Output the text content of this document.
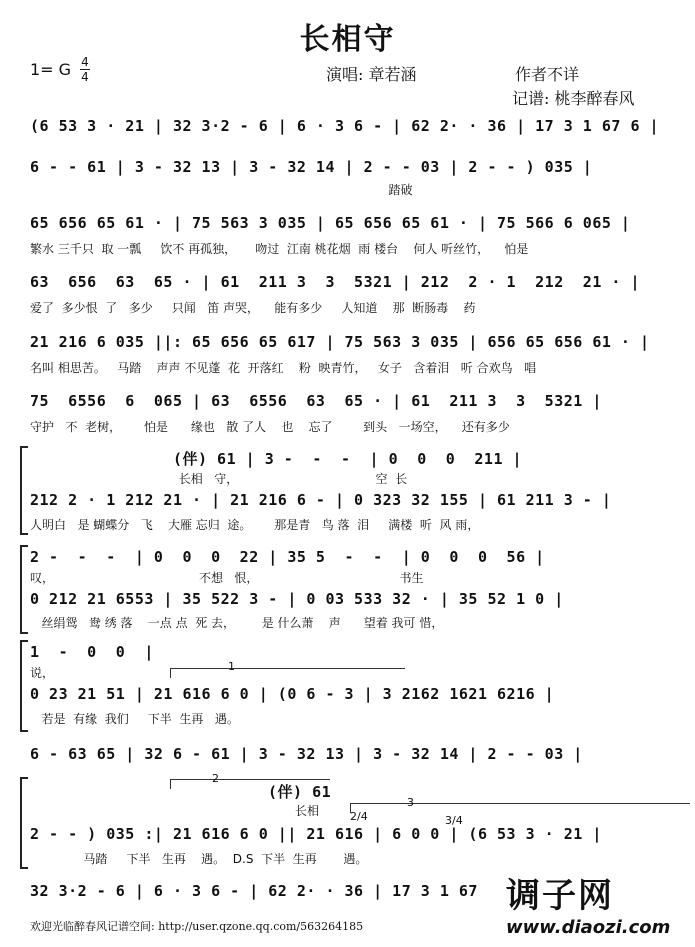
长相守
1= G 4
4	演唱: 章若涵	作者不详
记谱: 桃李醉春风
(6 53 3 · 21 | 32 3·2 - 6 | 6 · 3 6 - | 62 2· · 36 | 17 3 1 67 6 |
6 - - 61 | 3 - 32 13 | 3 - 32 14 | 2 - - 03 | 2 - - ) 035 |
踏破
65 656 65 61 · | 75 563 3 035 | 65 656 65 61 · | 75 566 6 065 |
繁水 三千只  取 一瓢     饮不 再孤独，     吻过  江南 桃花烟  雨 楼台    何人 听丝竹，    怕是
63  656  63  65 · | 61  211 3  3  5321 | 212  2 · 1  212  21 · |
爱了  多少恨  了   多少     只闻   笛 声哭，    能有多少     人知道    那  断肠毒    药
21 216 6 035 ||: 65 656 65 617 | 75 563 3 035 | 656 65 656 61 · |
名叫 相思苦。   马踏    声声 不见蓬  花  开落红    粉  映青竹，   女子   含着泪   听 合欢鸟   唱
75  6556  6  065 | 63  6556  63  65 · | 61  211 3  3  5321 |
守护   不  老树，      怕是      缘也   散 了人    也    忘了        到头   一场空，    还有多少
(伴) 61 | 3 -  -  -  | 0  0  0  211 |
长相   守，                                    空  长
212 2 · 1 212 21 · | 21 216 6 - | 0 323 32 155 | 61 211 3 - |
人明白   是 蝴蝶分   飞    大雁 忘归  途。      那是青   鸟 落  泪     满楼  听  风 雨，
2 -  -  -  | 0  0  0  22 | 35 5  -  -  | 0  0  0  56 |
叹，                                      不想   恨，                                     书生
0 212 21 6553 | 35 522 3 - | 0 03 533 32 · | 35 52 1 0 |
丝绢鸳   鸯 绣 落    一点 点  死 去，       是 什么萧    声      望着 我可 惜，
1  -  0  0  |
说，	1
0 23 21 51 | 21 616 6 0 | (0 6 - 3 | 3 2162 1621 6216 |
若是  有缘  我们     下半  生再   遇。
6 - 63 65 | 32 6 - 61 | 3 - 32 13 | 3 - 32 14 | 2 - - 03 |
2
(伴) 61
长相
3
2/4	3/4
2 - - ) 035 :| 21 616 6 0 || 21 616 | 6 0 0 | (6 53 3 · 21 |
马踏     下半   生再    遇。  D.S  下半  生再       遇。
32 3·2 - 6 | 6 · 3 6 - | 62 2· · 36 | 17 3 1 67
欢迎光临醉春风记谱空间: http://user.qzone.qq.com/563264185
调子网
www.diaozi.com
